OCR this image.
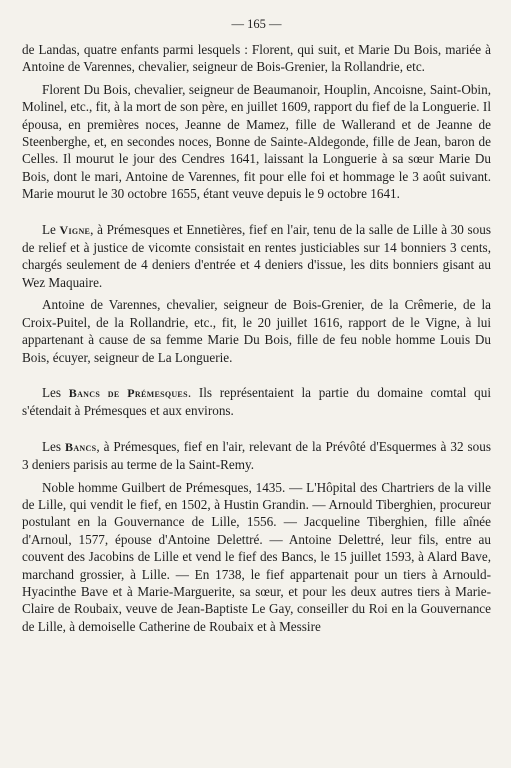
— 165 —

de Landas, quatre enfants parmi lesquels : Florent, qui suit, et Marie Du Bois, mariée à Antoine de Varennes, chevalier, seigneur de Bois-Grenier, la Rollandrie, etc.

Florent Du Bois, chevalier, seigneur de Beaumanoir, Houplin, Ancoisne, Saint-Obin, Molinel, etc., fit, à la mort de son père, en juillet 1609, rapport du fief de la Longuerie. Il épousa, en premières noces, Jeanne de Mamez, fille de Wallerand et de Jeanne de Steenberghe, et, en secondes noces, Bonne de Sainte-Aldegonde, fille de Jean, baron de Celles. Il mourut le jour des Cendres 1641, laissant la Longuerie à sa sœur Marie Du Bois, dont le mari, Antoine de Varennes, fit pour elle foi et hommage le 3 août suivant. Marie mourut le 30 octobre 1655, étant veuve depuis le 9 octobre 1641.

Le Vigne, à Prémesques et Ennetières, fief en l'air, tenu de la salle de Lille à 30 sous de relief et à justice de vicomte consistait en rentes justiciables sur 14 bonniers 3 cents, chargés seulement de 4 deniers d'entrée et 4 deniers d'issue, les dits bonniers gisant au Wez Maquaire.

Antoine de Varennes, chevalier, seigneur de Bois-Grenier, de la Crêmerie, de la Croix-Puitel, de la Rollandrie, etc., fit, le 20 juillet 1616, rapport de le Vigne, à lui appartenant à cause de sa femme Marie Du Bois, fille de feu noble homme Louis Du Bois, écuyer, seigneur de La Longuerie.

Les Bancs de Prémesques. Ils représentaient la partie du domaine comtal qui s'étendait à Prémesques et aux environs.

Les Bancs, à Prémesques, fief en l'air, relevant de la Prévôté d'Esquermes à 32 sous 3 deniers parisis au terme de la Saint-Remy.

Noble homme Guilbert de Prémesques, 1435. — L'Hôpital des Chartriers de la ville de Lille, qui vendit le fief, en 1502, à Hustin Grandin. — Arnould Tiberghien, procureur postulant en la Gouvernance de Lille, 1556. — Jacqueline Tiberghien, fille aînée d'Arnoul, 1577, épouse d'Antoine Delettré. — Antoine Delettré, leur fils, entre au couvent des Jacobins de Lille et vend le fief des Bancs, le 15 juillet 1593, à Alard Bave, marchand grossier, à Lille. — En 1738, le fief appartenait pour un tiers à Arnould-Hyacinthe Bave et à Marie-Marguerite, sa sœur, et pour les deux autres tiers à Marie-Claire de Roubaix, veuve de Jean-Baptiste Le Gay, conseiller du Roi en la Gouvernance de Lille, à demoiselle Catherine de Roubaix et à Messire
